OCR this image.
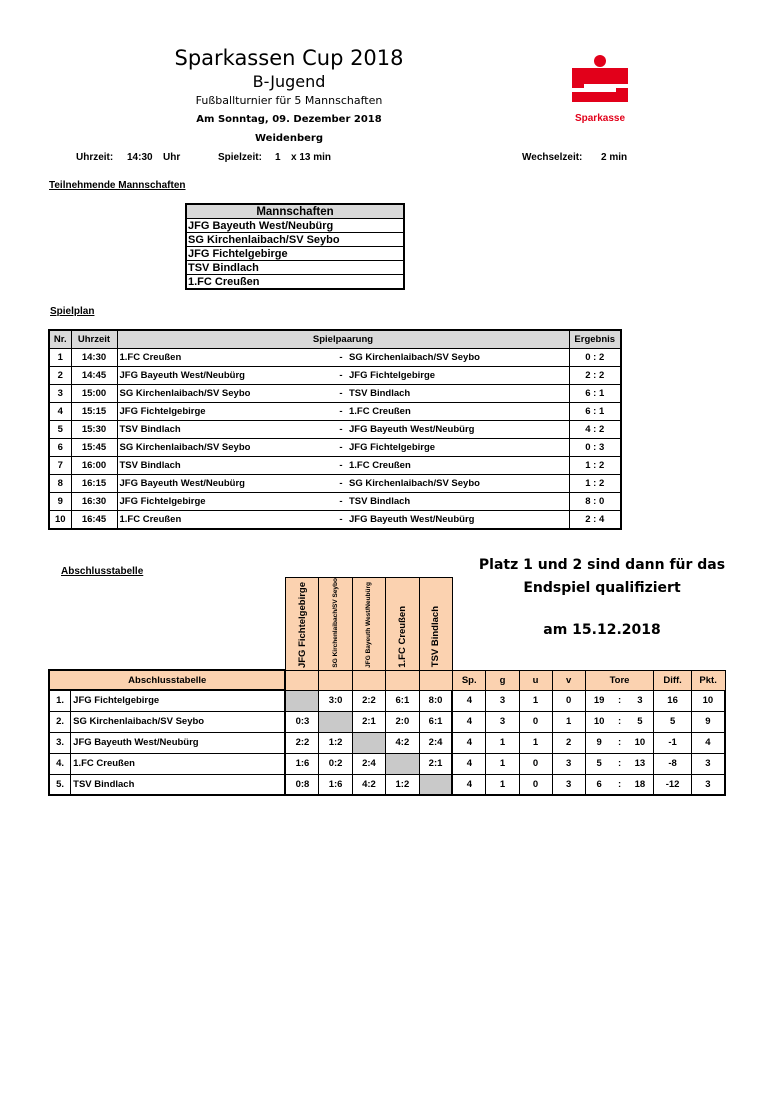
Sparkassen Cup 2018
B-Jugend
Fußballturnier für 5 Mannschaften
Am Sonntag, 09. Dezember 2018
Weidenberg
Uhrzeit: 14:30 Uhr	Spielzeit: 1 x 13 min	Wechselzeit: 2 min
Sparkasse
Teilnehmende Mannschaften
Mannschaften
JFG Bayeuth West/Neubürg
SG Kirchenlaibach/SV Seybo
JFG Fichtelgebirge
TSV Bindlach
1.FC Creußen
Spielplan
Nr.	Uhrzeit	Spielpaarung			Ergebnis
1	14:30	1.FC Creußen	-	SG Kirchenlaibach/SV Seybo	0 : 2
2	14:45	JFG Bayeuth West/Neubürg	-	JFG Fichtelgebirge	2 : 2
3	15:00	SG Kirchenlaibach/SV Seybo	-	TSV Bindlach	6 : 1
4	15:15	JFG Fichtelgebirge	-	1.FC Creußen	6 : 1
5	15:30	TSV Bindlach	-	JFG Bayeuth West/Neubürg	4 : 2
6	15:45	SG Kirchenlaibach/SV Seybo	-	JFG Fichtelgebirge	0 : 3
7	16:00	TSV Bindlach	-	1.FC Creußen	1 : 2
8	16:15	JFG Bayeuth West/Neubürg	-	SG Kirchenlaibach/SV Seybo	1 : 2
9	16:30	JFG Fichtelgebirge	-	TSV Bindlach	8 : 0
10	16:45	1.FC Creußen	-	JFG Bayeuth West/Neubürg	2 : 4
Abschlusstabelle	Platz 1 und 2 sind dann für das
Endspiel qualifiziert
am 15.12.2018

		JFG Fichtelgebirge	SG Kirchenlaibach/SV Seybo	JFG Bayeuth West/Neubürg	1.FC Creußen	TSV Bindlach									

Abschlusstabelle							Sp.	g	u	v	Tore			Diff.	Pkt.
1.	JFG Fichtelgebirge		3:0	2:2	6:1	8:0	4	3	1	0	19	:	3	16	10
2.	SG Kirchenlaibach/SV Seybo	0:3		2:1	2:0	6:1	4	3	0	1	10	:	5	5	9
3.	JFG Bayeuth West/Neubürg	2:2	1:2		4:2	2:4	4	1	1	2	9	:	10	-1	4
4.	1.FC Creußen	1:6	0:2	2:4		2:1	4	1	0	3	5	:	13	-8	3
5.	TSV Bindlach	0:8	1:6	4:2	1:2		4	1	0	3	6	:	18	-12	3
